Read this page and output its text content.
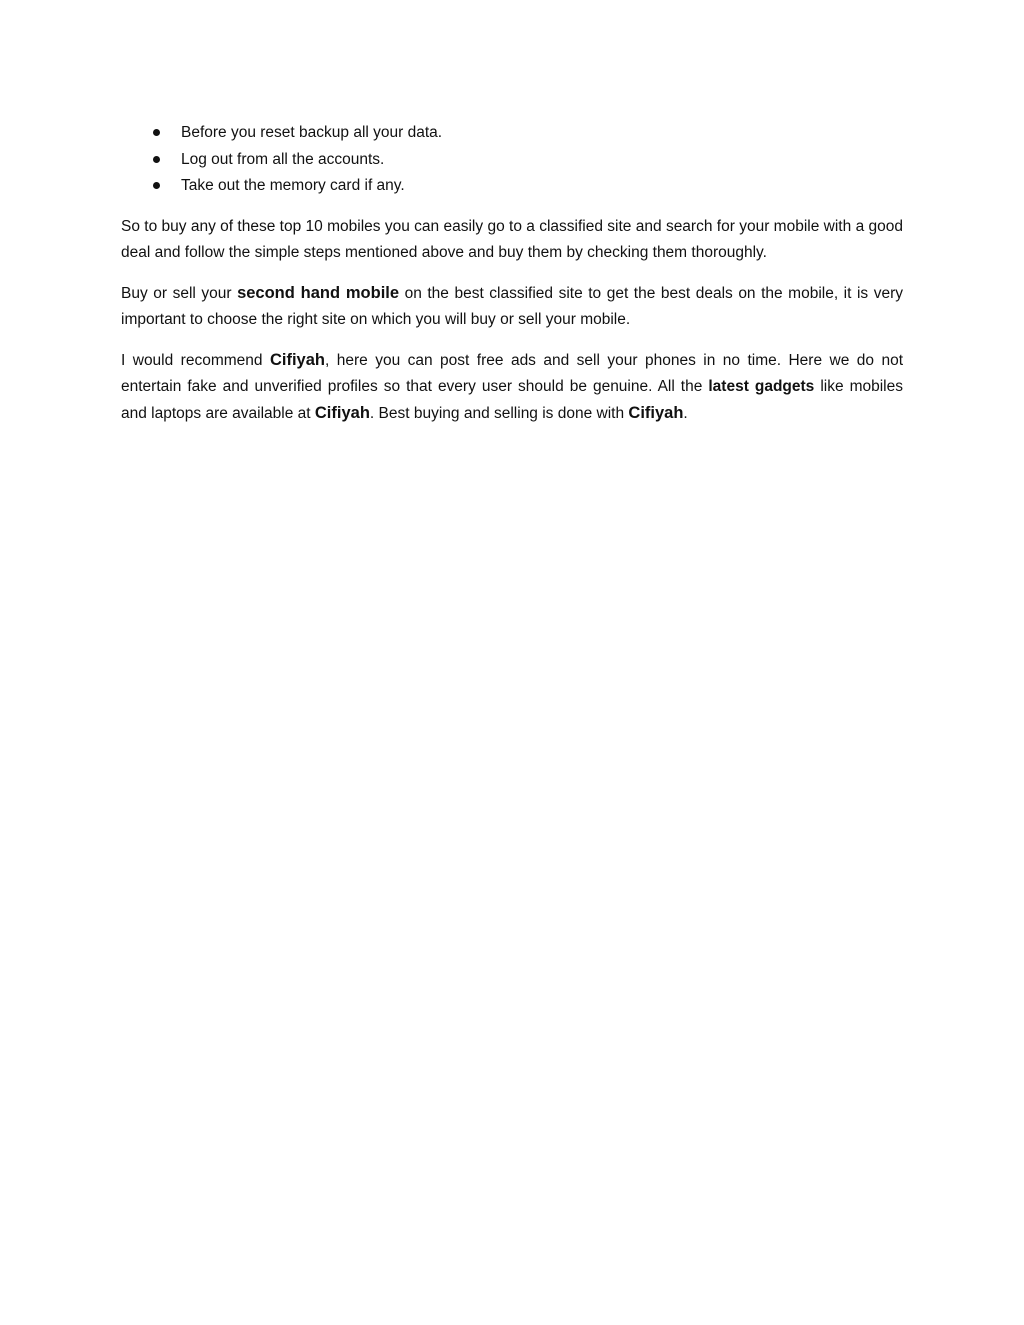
Before you reset backup all your data.
Log out from all the accounts.
Take out the memory card if any.

So to buy any of these top 10 mobiles you can easily go to a classified site and search for your mobile with a good deal and follow the simple steps mentioned above and buy them by checking them thoroughly.

Buy or sell your second hand mobile on the best classified site to get the best deals on the mobile, it is very important to choose the right site on which you will buy or sell your mobile.

I would recommend Cifiyah, here you can post free ads and sell your phones in no time. Here we do not entertain fake and unverified profiles so that every user should be genuine. All the latest gadgets like mobiles and laptops are available at Cifiyah. Best buying and selling is done with Cifiyah.
